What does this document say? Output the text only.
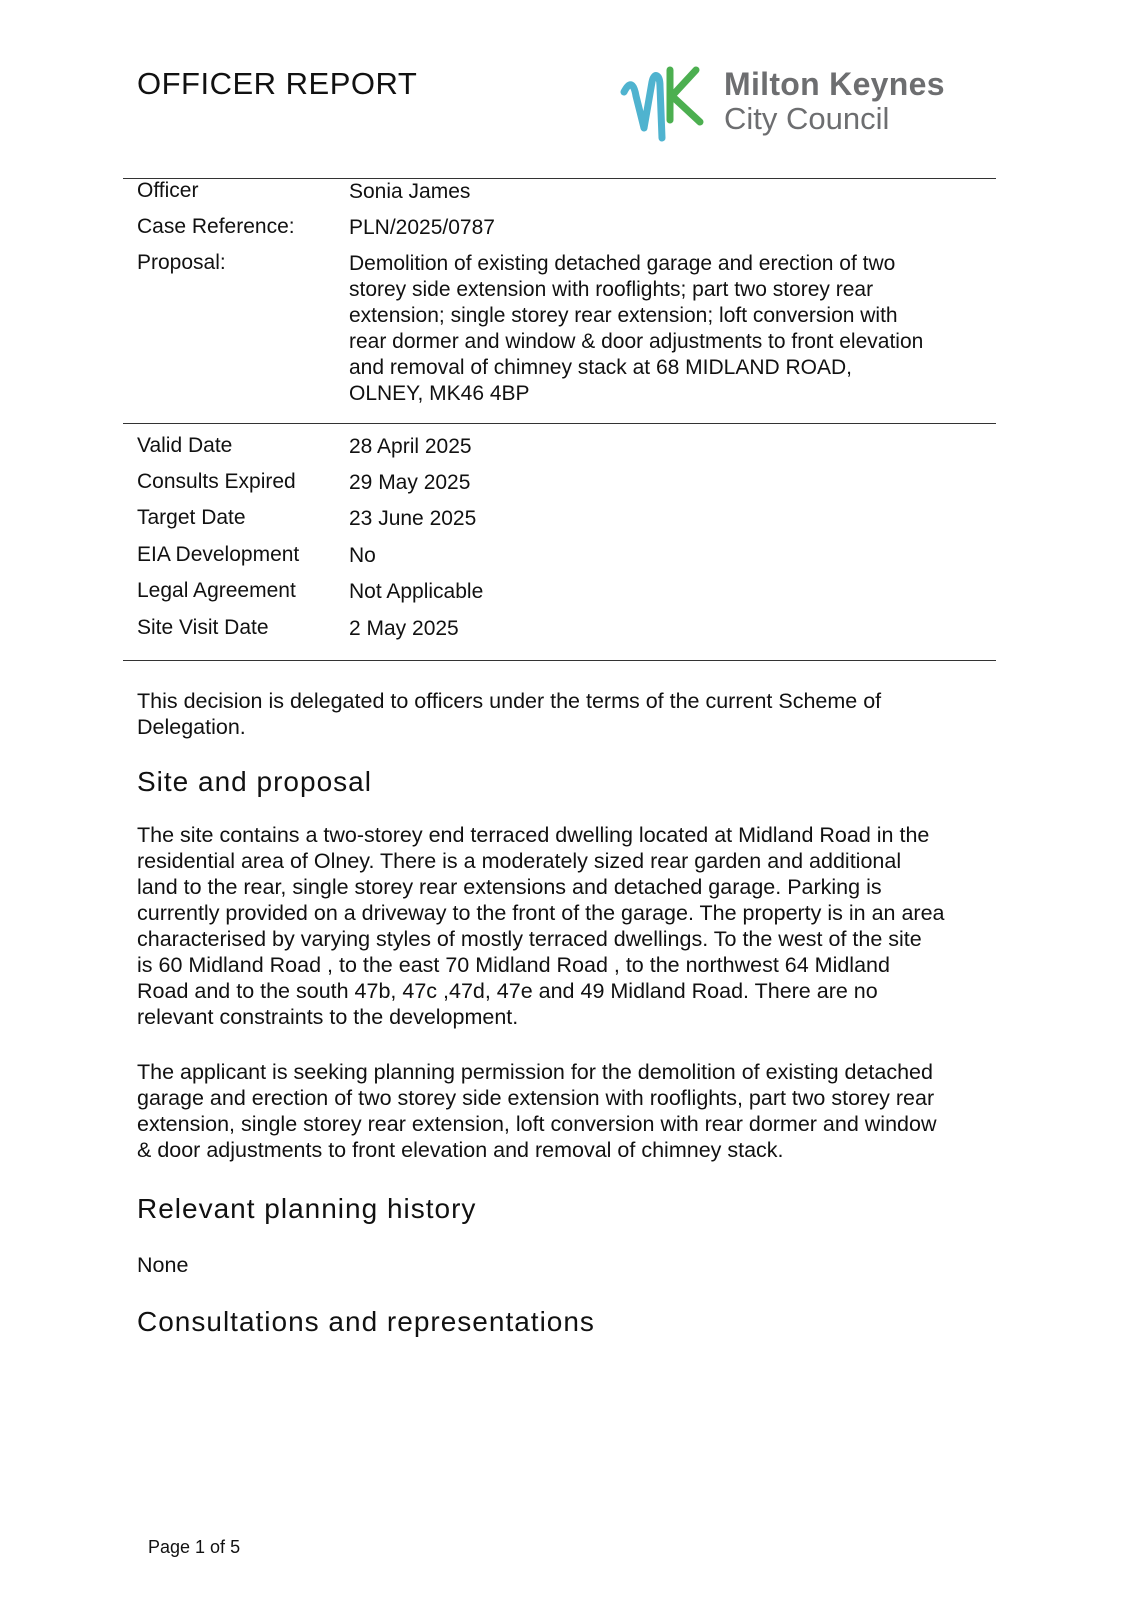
OFFICER REPORT	Milton Keynes
City Council
Officer	Sonia James
Case Reference:	PLN/2025/0787
Proposal:	Demolition of existing detached garage and erection of two
storey side extension with rooflights; part two storey rear
extension; single storey rear extension; loft conversion with
rear dormer and window & door adjustments to front elevation
and removal of chimney stack at 68 MIDLAND ROAD,
OLNEY, MK46 4BP
Valid Date	28 April 2025
Consults Expired	29 May 2025
Target Date	23 June 2025
EIA Development	No
Legal Agreement	Not Applicable
Site Visit Date	2 May 2025
This decision is delegated to officers under the terms of the current Scheme of
Delegation.
Site and proposal
The site contains a two-storey end terraced dwelling located at Midland Road in the
residential area of Olney. There is a moderately sized rear garden and additional
land to the rear, single storey rear extensions and detached garage. Parking is
currently provided on a driveway to the front of the garage. The property is in an area
characterised by varying styles of mostly terraced dwellings. To the west of the site
is 60 Midland Road , to the east 70 Midland Road , to the northwest 64 Midland
Road and to the south 47b, 47c ,47d, 47e and 49 Midland Road. There are no
relevant constraints to the development.
The applicant is seeking planning permission for the demolition of existing detached
garage and erection of two storey side extension with rooflights, part two storey rear
extension, single storey rear extension, loft conversion with rear dormer and window
& door adjustments to front elevation and removal of chimney stack.
Relevant planning history

None

Consultations and representations

Page 1 of 5
